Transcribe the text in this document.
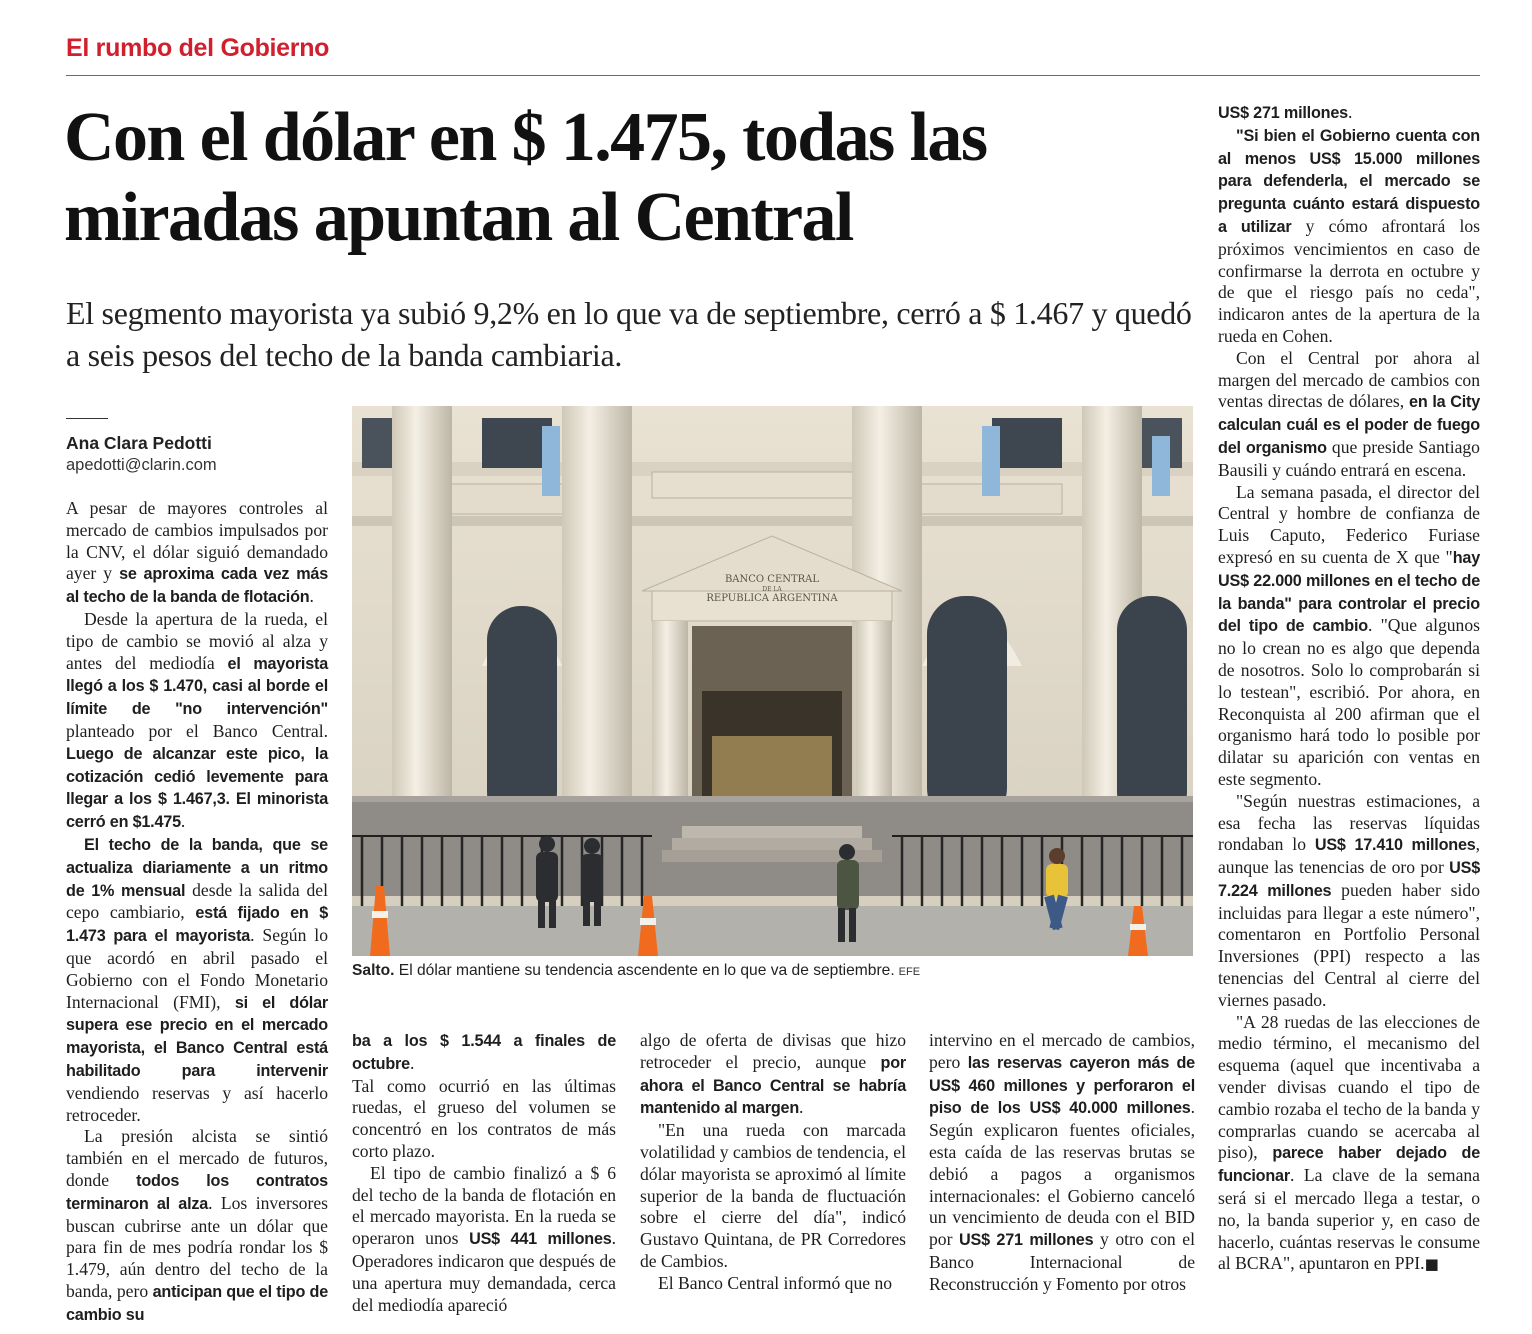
El rumbo del Gobierno
Con el dólar en $ 1.475, todas las miradas apuntan al Central

El segmento mayorista ya subió 9,2% en lo que va de septiembre, cerró a $ 1.467 y quedó a seis pesos del techo de la banda cambiaria.

Ana Clara Pedotti
apedotti@clarin.com

A pesar de mayores controles al mercado de cambios impulsados por la CNV, el dólar siguió demandado ayer y se aproxima cada vez más al techo de la banda de flotación.

Desde la apertura de la rueda, el tipo de cambio se movió al alza y antes del mediodía el mayorista llegó a los $ 1.470, casi al borde el límite de "no intervención" planteado por el Banco Central. Luego de alcanzar este pico, la cotización cedió levemente para llegar a los $ 1.467,3. El minorista cerró en $1.475.

El techo de la banda, que se actualiza diariamente a un ritmo de 1% mensual desde la salida del cepo cambiario, está fijado en $ 1.473 para el mayorista. Según lo que acordó en abril pasado el Gobierno con el Fondo Monetario Internacional (FMI), si el dólar supera ese precio en el mercado mayorista, el Banco Central está habilitado para intervenir vendiendo reservas y así hacerlo retroceder.

La presión alcista se sintió también en el mercado de futuros, donde todos los contratos terminaron al alza. Los inversores buscan cubrirse ante un dólar que para fin de mes podría rondar los $ 1.479, aún dentro del techo de la banda, pero anticipan que el tipo de cambio su

BANCO CENTRAL
DE LA
REPUBLICA ARGENTINA
Salto. El dólar mantiene su tendencia ascendente en lo que va de septiembre. EFE

ba a los $ 1.544 a finales de octubre.

Tal como ocurrió en las últimas ruedas, el grueso del volumen se concentró en los contratos de más corto plazo.

El tipo de cambio finalizó a $ 6 del techo de la banda de flotación en el mercado mayorista. En la rueda se operaron unos US$ 441 millones. Operadores indicaron que después de una apertura muy demandada, cerca del mediodía apareció

algo de oferta de divisas que hizo retroceder el precio, aunque por ahora el Banco Central se habría mantenido al margen.

"En una rueda con marcada volatilidad y cambios de tendencia, el dólar mayorista se aproximó al límite superior de la banda de fluctuación sobre el cierre del día", indicó Gustavo Quintana, de PR Corredores de Cambios.

El Banco Central informó que no

intervino en el mercado de cambios, pero las reservas cayeron más de US$ 460 millones y perforaron el piso de los US$ 40.000 millones. Según explicaron fuentes oficiales, esta caída de las reservas brutas se debió a pagos a organismos internacionales: el Gobierno canceló un vencimiento de deuda con el BID por US$ 271 millones y otro con el Banco Internacional de Reconstrucción y Fomento por otros

US$ 271 millones.

"Si bien el Gobierno cuenta con al menos US$ 15.000 millones para defenderla, el mercado se pregunta cuánto estará dispuesto a utilizar y cómo afrontará los próximos vencimientos en caso de confirmarse la derrota en octubre y de que el riesgo país no ceda", indicaron antes de la apertura de la rueda en Cohen.

Con el Central por ahora al margen del mercado de cambios con ventas directas de dólares, en la City calculan cuál es el poder de fuego del organismo que preside Santiago Bausili y cuándo entrará en escena.

La semana pasada, el director del Central y hombre de confianza de Luis Caputo, Federico Furiase expresó en su cuenta de X que "hay US$ 22.000 millones en el techo de la banda" para controlar el precio del tipo de cambio. "Que algunos no lo crean no es algo que dependa de nosotros. Solo lo comprobarán si lo testean", escribió. Por ahora, en Reconquista al 200 afirman que el organismo hará todo lo posible por dilatar su aparición con ventas en este segmento.

"Según nuestras estimaciones, a esa fecha las reservas líquidas rondaban lo US$ 17.410 millones, aunque las tenencias de oro por US$ 7.224 millones pueden haber sido incluidas para llegar a este número", comentaron en Portfolio Personal Inversiones (PPI) respecto a las tenencias del Central al cierre del viernes pasado.

"A 28 ruedas de las elecciones de medio término, el mecanismo del esquema (aquel que incentivaba a vender divisas cuando el tipo de cambio rozaba el techo de la banda y comprarlas cuando se acercaba al piso), parece haber dejado de funcionar. La clave de la semana será si el mercado llega a testar, o no, la banda superior y, en caso de hacerlo, cuántas reservas le consume al BCRA", apuntaron en PPI.■
